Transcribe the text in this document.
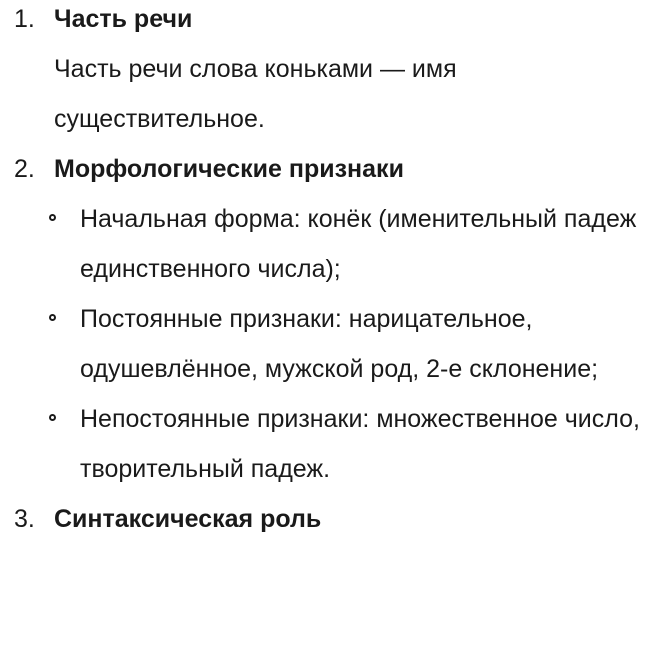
1. Часть речи

Часть речи слова коньками — имя существительное.

2. Морфологические признаки
Начальная форма: конёк (именительный падеж единственного числа);
Постоянные признаки: нарицательное, одушевлённое, мужской род, 2-е склонение;
Непостоянные признаки: множественное число, творительный падеж.
3. Синтаксическая роль
